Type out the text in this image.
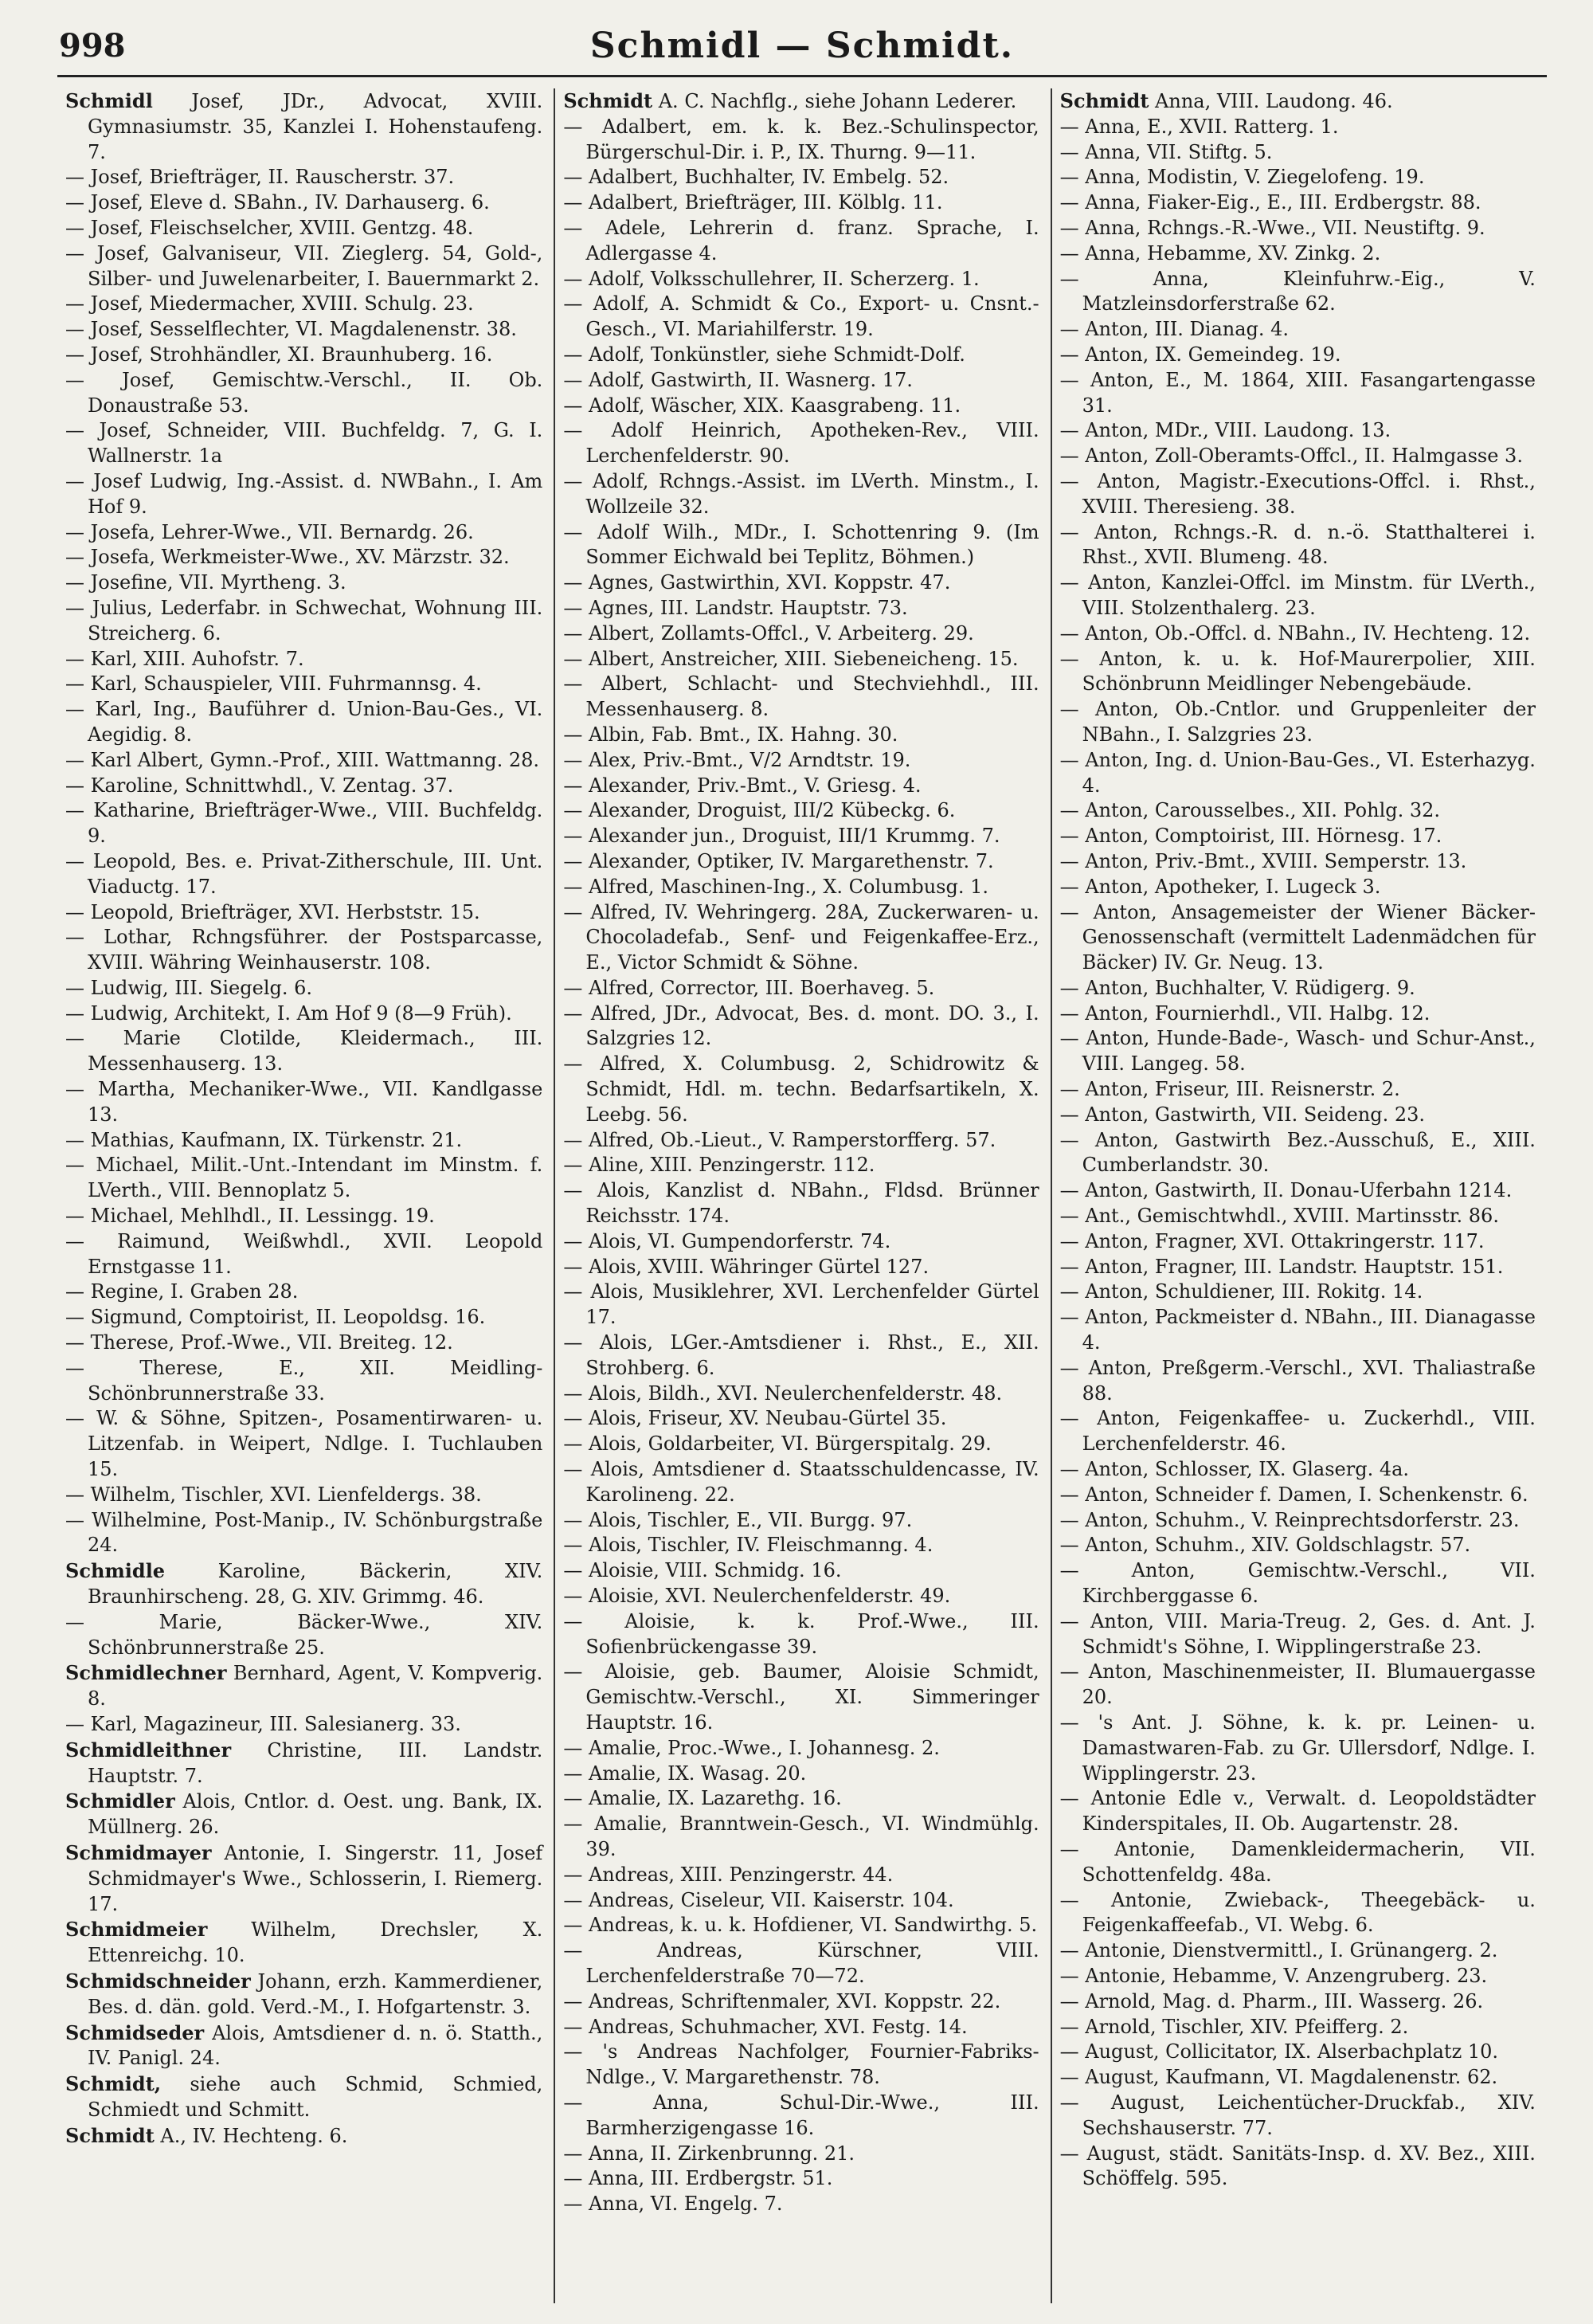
998	Schmidl — Schmidt.
Schmidl Josef, JDr., Advocat, XVIII. Gymnasiumstr. 35, Kanzlei I. Hohenstaufeng. 7.
— Josef, Briefträger, II. Rauscherstr. 37.
— Josef, Eleve d. SBahn., IV. Darhauserg. 6.
— Josef, Fleischselcher, XVIII. Gentzg. 48.
— Josef, Galvaniseur, VII. Zieglerg. 54, Gold-, Silber- und Juwelenarbeiter, I. Bauernmarkt 2.
— Josef, Miedermacher, XVIII. Schulg. 23.
— Josef, Sesselflechter, VI. Magdalenenstr. 38.
— Josef, Strohhändler, XI. Braunhuberg. 16.
— Josef, Gemischtw.-Verschl., II. Ob. Donaustraße 53.
— Josef, Schneider, VIII. Buchfeldg. 7, G. I. Wallnerstr. 1a
— Josef Ludwig, Ing.-Assist. d. NWBahn., I. Am Hof 9.
— Josefa, Lehrer-Wwe., VII. Bernardg. 26.
— Josefa, Werkmeister-Wwe., XV. Märzstr. 32.
— Josefine, VII. Myrtheng. 3.
— Julius, Lederfabr. in Schwechat, Wohnung III. Streicherg. 6.
— Karl, XIII. Auhofstr. 7.
— Karl, Schauspieler, VIII. Fuhrmannsg. 4.
— Karl, Ing., Bauführer d. Union-Bau-Ges., VI. Aegidig. 8.
— Karl Albert, Gymn.-Prof., XIII. Wattmanng. 28.
— Karoline, Schnittwhdl., V. Zentag. 37.
— Katharine, Briefträger-Wwe., VIII. Buchfeldg. 9.
— Leopold, Bes. e. Privat-Zitherschule, III. Unt. Viaductg. 17.
— Leopold, Briefträger, XVI. Herbststr. 15.
— Lothar, Rchngsführer. der Postsparcasse, XVIII. Währing Weinhauserstr. 108.
— Ludwig, III. Siegelg. 6.
— Ludwig, Architekt, I. Am Hof 9 (8—9 Früh).
— Marie Clotilde, Kleidermach., III. Messenhauserg. 13.
— Martha, Mechaniker-Wwe., VII. Kandlgasse 13.
— Mathias, Kaufmann, IX. Türkenstr. 21.
— Michael, Milit.-Unt.-Intendant im Minstm. f. LVerth., VIII. Bennoplatz 5.
— Michael, Mehlhdl., II. Lessingg. 19.
— Raimund, Weißwhdl., XVII. Leopold Ernstgasse 11.
— Regine, I. Graben 28.
— Sigmund, Comptoirist, II. Leopoldsg. 16.
— Therese, Prof.-Wwe., VII. Breiteg. 12.
— Therese, E., XII. Meidling-Schönbrunnerstraße 33.
— W. & Söhne, Spitzen-, Posamentirwaren- u. Litzenfab. in Weipert, Ndlge. I. Tuchlauben 15.
— Wilhelm, Tischler, XVI. Lienfeldergs. 38.
— Wilhelmine, Post-Manip., IV. Schönburgstraße 24.
Schmidle Karoline, Bäckerin, XIV. Braunhirscheng. 28, G. XIV. Grimmg. 46.
— Marie, Bäcker-Wwe., XIV. Schönbrunnerstraße 25.
Schmidlechner Bernhard, Agent, V. Kompverig. 8.
— Karl, Magazineur, III. Salesianerg. 33.
Schmidleithner Christine, III. Landstr. Hauptstr. 7.
Schmidler Alois, Cntlor. d. Oest. ung. Bank, IX. Müllnerg. 26.
Schmidmayer Antonie, I. Singerstr. 11, Josef Schmidmayer's Wwe., Schlosserin, I. Riemerg. 17.
Schmidmeier Wilhelm, Drechsler, X. Ettenreichg. 10.
Schmidschneider Johann, erzh. Kammerdiener, Bes. d. dän. gold. Verd.-M., I. Hofgartenstr. 3.
Schmidseder Alois, Amtsdiener d. n. ö. Statth., IV. Panigl. 24.
Schmidt, siehe auch Schmid, Schmied, Schmiedt und Schmitt.
Schmidt A., IV. Hechteng. 6.
Schmidt A. C. Nachflg., siehe Johann Lederer.
— Adalbert, em. k. k. Bez.-Schulinspector, Bürgerschul-Dir. i. P., IX. Thurng. 9—11.
— Adalbert, Buchhalter, IV. Embelg. 52.
— Adalbert, Briefträger, III. Kölblg. 11.
— Adele, Lehrerin d. franz. Sprache, I. Adlergasse 4.
— Adolf, Volksschullehrer, II. Scherzerg. 1.
— Adolf, A. Schmidt & Co., Export- u. Cnsnt.-Gesch., VI. Mariahilferstr. 19.
— Adolf, Tonkünstler, siehe Schmidt-Dolf.
— Adolf, Gastwirth, II. Wasnerg. 17.
— Adolf, Wäscher, XIX. Kaasgrabeng. 11.
— Adolf Heinrich, Apotheken-Rev., VIII. Lerchenfelderstr. 90.
— Adolf, Rchngs.-Assist. im LVerth. Minstm., I. Wollzeile 32.
— Adolf Wilh., MDr., I. Schottenring 9. (Im Sommer Eichwald bei Teplitz, Böhmen.)
— Agnes, Gastwirthin, XVI. Koppstr. 47.
— Agnes, III. Landstr. Hauptstr. 73.
— Albert, Zollamts-Offcl., V. Arbeiterg. 29.
— Albert, Anstreicher, XIII. Siebeneicheng. 15.
— Albert, Schlacht- und Stechviehhdl., III. Messenhauserg. 8.
— Albin, Fab. Bmt., IX. Hahng. 30.
— Alex, Priv.-Bmt., V/2 Arndtstr. 19.
— Alexander, Priv.-Bmt., V. Griesg. 4.
— Alexander, Droguist, III/2 Kübeckg. 6.
— Alexander jun., Droguist, III/1 Krummg. 7.
— Alexander, Optiker, IV. Margarethenstr. 7.
— Alfred, Maschinen-Ing., X. Columbusg. 1.
— Alfred, IV. Wehringerg. 28A, Zuckerwaren- u. Chocoladefab., Senf- und Feigenkaffee-Erz., E., Victor Schmidt & Söhne.
— Alfred, Corrector, III. Boerhaveg. 5.
— Alfred, JDr., Advocat, Bes. d. mont. DO. 3., I. Salzgries 12.
— Alfred, X. Columbusg. 2, Schidrowitz & Schmidt, Hdl. m. techn. Bedarfsartikeln, X. Leebg. 56.
— Alfred, Ob.-Lieut., V. Ramperstorfferg. 57.
— Aline, XIII. Penzingerstr. 112.
— Alois, Kanzlist d. NBahn., Fldsd. Brünner Reichsstr. 174.
— Alois, VI. Gumpendorferstr. 74.
— Alois, XVIII. Währinger Gürtel 127.
— Alois, Musiklehrer, XVI. Lerchenfelder Gürtel 17.
— Alois, LGer.-Amtsdiener i. Rhst., E., XII. Strohberg. 6.
— Alois, Bildh., XVI. Neulerchenfelderstr. 48.
— Alois, Friseur, XV. Neubau-Gürtel 35.
— Alois, Goldarbeiter, VI. Bürgerspitalg. 29.
— Alois, Amtsdiener d. Staatsschuldencasse, IV. Karolineng. 22.
— Alois, Tischler, E., VII. Burgg. 97.
— Alois, Tischler, IV. Fleischmanng. 4.
— Aloisie, VIII. Schmidg. 16.
— Aloisie, XVI. Neulerchenfelderstr. 49.
— Aloisie, k. k. Prof.-Wwe., III. Sofienbrückengasse 39.
— Aloisie, geb. Baumer, Aloisie Schmidt, Gemischtw.-Verschl., XI. Simmeringer Hauptstr. 16.
— Amalie, Proc.-Wwe., I. Johannesg. 2.
— Amalie, IX. Wasag. 20.
— Amalie, IX. Lazarethg. 16.
— Amalie, Branntwein-Gesch., VI. Windmühlg. 39.
— Andreas, XIII. Penzingerstr. 44.
— Andreas, Ciseleur, VII. Kaiserstr. 104.
— Andreas, k. u. k. Hofdiener, VI. Sandwirthg. 5.
— Andreas, Kürschner, VIII. Lerchenfelderstraße 70—72.
— Andreas, Schriftenmaler, XVI. Koppstr. 22.
— Andreas, Schuhmacher, XVI. Festg. 14.
— 's Andreas Nachfolger, Fournier-Fabriks-Ndlge., V. Margarethenstr. 78.
— Anna, Schul-Dir.-Wwe., III. Barmherzigengasse 16.
— Anna, II. Zirkenbrunng. 21.
— Anna, III. Erdbergstr. 51.
— Anna, VI. Engelg. 7.
Schmidt Anna, VIII. Laudong. 46.
— Anna, E., XVII. Ratterg. 1.
— Anna, VII. Stiftg. 5.
— Anna, Modistin, V. Ziegelofeng. 19.
— Anna, Fiaker-Eig., E., III. Erdbergstr. 88.
— Anna, Rchngs.-R.-Wwe., VII. Neustiftg. 9.
— Anna, Hebamme, XV. Zinkg. 2.
— Anna, Kleinfuhrw.-Eig., V. Matzleinsdorferstraße 62.
— Anton, III. Dianag. 4.
— Anton, IX. Gemeindeg. 19.
— Anton, E., M. 1864, XIII. Fasangartengasse 31.
— Anton, MDr., VIII. Laudong. 13.
— Anton, Zoll-Oberamts-Offcl., II. Halmgasse 3.
— Anton, Magistr.-Executions-Offcl. i. Rhst., XVIII. Theresieng. 38.
— Anton, Rchngs.-R. d. n.-ö. Statthalterei i. Rhst., XVII. Blumeng. 48.
— Anton, Kanzlei-Offcl. im Minstm. für LVerth., VIII. Stolzenthalerg. 23.
— Anton, Ob.-Offcl. d. NBahn., IV. Hechteng. 12.
— Anton, k. u. k. Hof-Maurerpolier, XIII. Schönbrunn Meidlinger Nebengebäude.
— Anton, Ob.-Cntlor. und Gruppenleiter der NBahn., I. Salzgries 23.
— Anton, Ing. d. Union-Bau-Ges., VI. Esterhazyg. 4.
— Anton, Carousselbes., XII. Pohlg. 32.
— Anton, Comptoirist, III. Hörnesg. 17.
— Anton, Priv.-Bmt., XVIII. Semperstr. 13.
— Anton, Apotheker, I. Lugeck 3.
— Anton, Ansagemeister der Wiener Bäcker-Genossenschaft (vermittelt Ladenmädchen für Bäcker) IV. Gr. Neug. 13.
— Anton, Buchhalter, V. Rüdigerg. 9.
— Anton, Fournierhdl., VII. Halbg. 12.
— Anton, Hunde-Bade-, Wasch- und Schur-Anst., VIII. Langeg. 58.
— Anton, Friseur, III. Reisnerstr. 2.
— Anton, Gastwirth, VII. Seideng. 23.
— Anton, Gastwirth Bez.-Ausschuß, E., XIII. Cumberlandstr. 30.
— Anton, Gastwirth, II. Donau-Uferbahn 1214.
— Ant., Gemischtwhdl., XVIII. Martinsstr. 86.
— Anton, Fragner, XVI. Ottakringerstr. 117.
— Anton, Fragner, III. Landstr. Hauptstr. 151.
— Anton, Schuldiener, III. Rokitg. 14.
— Anton, Packmeister d. NBahn., III. Dianagasse 4.
— Anton, Preßgerm.-Verschl., XVI. Thaliastraße 88.
— Anton, Feigenkaffee- u. Zuckerhdl., VIII. Lerchenfelderstr. 46.
— Anton, Schlosser, IX. Glaserg. 4a.
— Anton, Schneider f. Damen, I. Schenkenstr. 6.
— Anton, Schuhm., V. Reinprechtsdorferstr. 23.
— Anton, Schuhm., XIV. Goldschlagstr. 57.
— Anton, Gemischtw.-Verschl., VII. Kirchberggasse 6.
— Anton, VIII. Maria-Treug. 2, Ges. d. Ant. J. Schmidt's Söhne, I. Wipplingerstraße 23.
— Anton, Maschinenmeister, II. Blumauergasse 20.
— 's Ant. J. Söhne, k. k. pr. Leinen- u. Damastwaren-Fab. zu Gr. Ullersdorf, Ndlge. I. Wipplingerstr. 23.
— Antonie Edle v., Verwalt. d. Leopoldstädter Kinderspitales, II. Ob. Augartenstr. 28.
— Antonie, Damenkleidermacherin, VII. Schottenfeldg. 48a.
— Antonie, Zwieback-, Theegebäck- u. Feigenkaffeefab., VI. Webg. 6.
— Antonie, Dienstvermittl., I. Grünangerg. 2.
— Antonie, Hebamme, V. Anzengruberg. 23.
— Arnold, Mag. d. Pharm., III. Wasserg. 26.
— Arnold, Tischler, XIV. Pfeifferg. 2.
— August, Collicitator, IX. Alserbachplatz 10.
— August, Kaufmann, VI. Magdalenenstr. 62.
— August, Leichentücher-Druckfab., XIV. Sechshauserstr. 77.
— August, städt. Sanitäts-Insp. d. XV. Bez., XIII. Schöffelg. 595.
